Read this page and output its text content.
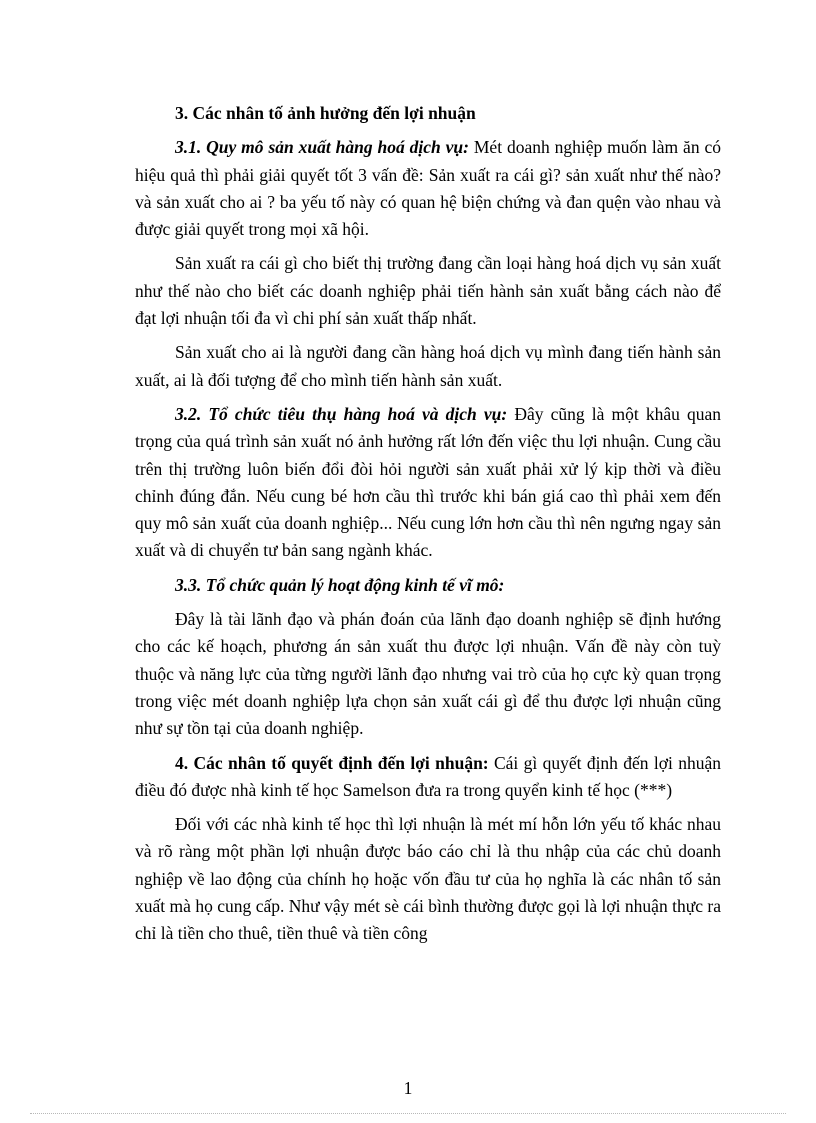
3. Các nhân tố ảnh hưởng đến lợi nhuận

3.1. Quy mô sản xuất hàng hoá dịch vụ: Mét doanh nghiệp muốn làm ăn có hiệu quả thì phải giải quyết tốt 3 vấn đề: Sản xuất ra cái gì? sản xuất như thế nào? và sản xuất cho ai ? ba yếu tố này có quan hệ biện chứng và đan quện vào nhau và được giải quyết trong mọi xã hội.

Sản xuất ra cái gì cho biết thị trường đang cần loại hàng hoá dịch vụ sản xuất như thế nào cho biết các doanh nghiệp phải tiến hành sản xuất bằng cách nào để đạt lợi nhuận tối đa vì chi phí sản xuất thấp nhất.

Sản xuất cho ai là người đang cần hàng hoá dịch vụ mình đang tiến hành sản xuất, ai là đối tượng để cho mình tiến hành sản xuất.

3.2. Tổ chức tiêu thụ hàng hoá và dịch vụ: Đây cũng là một khâu quan trọng của quá trình sản xuất nó ảnh hưởng rất lớn đến việc thu lợi nhuận. Cung cầu trên thị trường luôn biến đổi đòi hỏi người sản xuất phải xử lý kịp thời và điều chỉnh đúng đắn. Nếu cung bé hơn cầu thì trước khi bán giá cao thì phải xem đến quy mô sản xuất của doanh nghiệp... Nếu cung lớn hơn cầu thì nên ngưng ngay sản xuất và di chuyển tư bản sang ngành khác.

3.3. Tổ chức quản lý hoạt động kinh tế vĩ mô:

Đây là tài lãnh đạo và phán đoán của lãnh đạo doanh nghiệp sẽ định hướng cho các kế hoạch, phương án sản xuất thu được lợi nhuận. Vấn đề này còn tuỳ thuộc và năng lực của từng người lãnh đạo nhưng vai trò của họ cực kỳ quan trọng trong việc mét doanh nghiệp lựa chọn sản xuất cái gì để thu được lợi nhuận cũng như sự tồn tại của doanh nghiệp.

4. Các nhân tố quyết định đến lợi nhuận: Cái gì quyết định đến lợi nhuận điều đó được nhà kinh tế học Samelson đưa ra trong quyển kinh tế học (***)

Đối với các nhà kinh tế học thì lợi nhuận là mét mí hỗn lớn yếu tố khác nhau và rõ ràng một phần lợi nhuận được báo cáo chỉ là thu nhập của các chủ doanh nghiệp về lao động của chính họ hoặc vốn đầu tư của họ nghĩa là các nhân tố sản xuất mà họ cung cấp. Như vậy mét sè cái bình thường được gọi là lợi nhuận thực ra chỉ là tiền cho thuê, tiền thuê và tiền công

1
